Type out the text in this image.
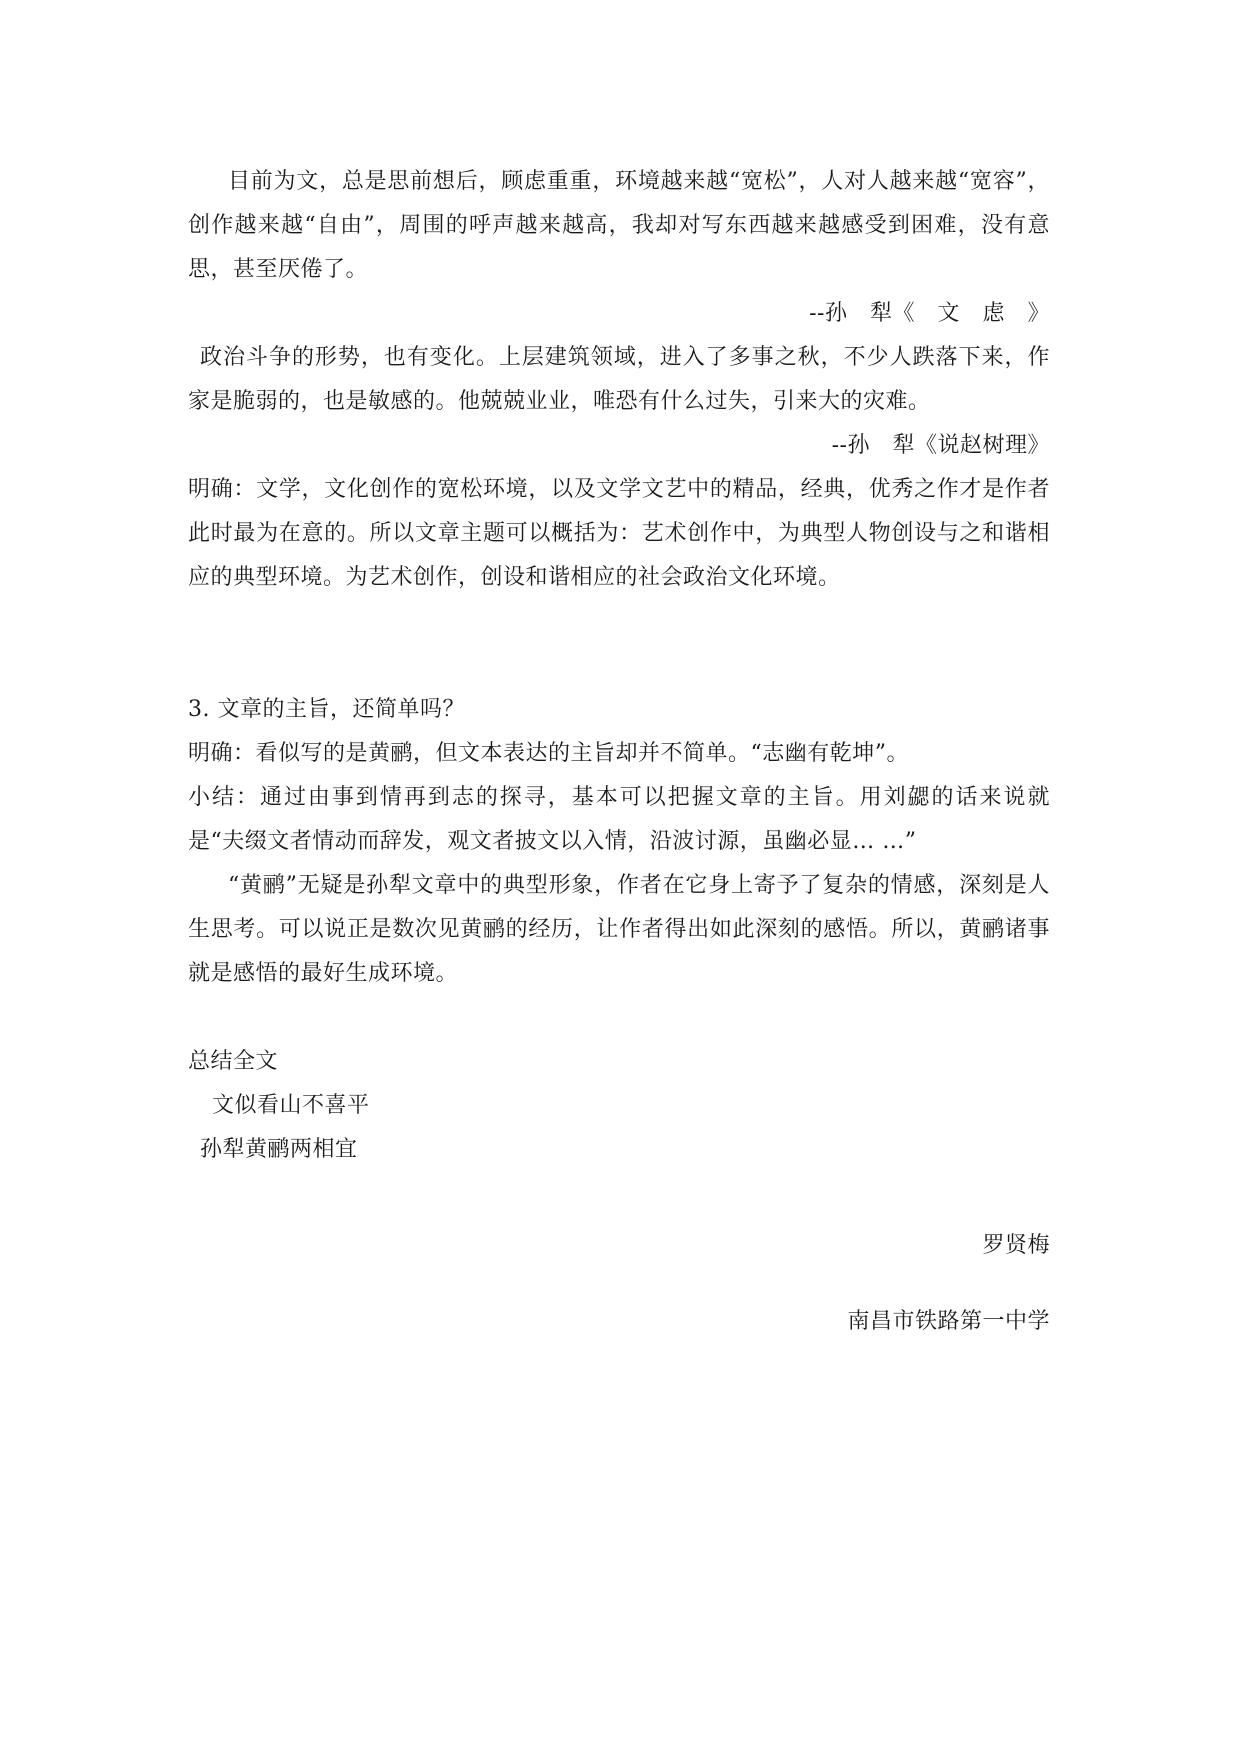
目前为文，总是思前想后，顾虑重重，环境越来越“宽松”，人对人越来越“宽容”，创作越来越“自由”，周围的呼声越来越高，我却对写东西越来越感受到困难，没有意思，甚至厌倦了。

--孙　犁《　文　虑　》

政治斗争的形势，也有变化。上层建筑领域，进入了多事之秋，不少人跌落下来，作家是脆弱的，也是敏感的。他兢兢业业，唯恐有什么过失，引来大的灾难。

--孙　犁《说赵树理》

明确：文学，文化创作的宽松环境，以及文学文艺中的精品，经典，优秀之作才是作者此时最为在意的。所以文章主题可以概括为：艺术创作中，为典型人物创设与之和谐相应的典型环境。为艺术创作，创设和谐相应的社会政治文化环境。

3. 文章的主旨，还简单吗？

明确：看似写的是黄鹂，但文本表达的主旨却并不简单。“志幽有乾坤”。

小结：通过由事到情再到志的探寻，基本可以把握文章的主旨。用刘勰的话来说就是“夫缀文者情动而辞发，观文者披文以入情，沿波讨源，虽幽必显… …”

“黄鹂”无疑是孙犁文章中的典型形象，作者在它身上寄予了复杂的情感，深刻是人生思考。可以说正是数次见黄鹂的经历，让作者得出如此深刻的感悟。所以，黄鹂诸事就是感悟的最好生成环境。

总结全文

文似看山不喜平

孙犁黄鹂两相宜

罗贤梅

南昌市铁路第一中学
